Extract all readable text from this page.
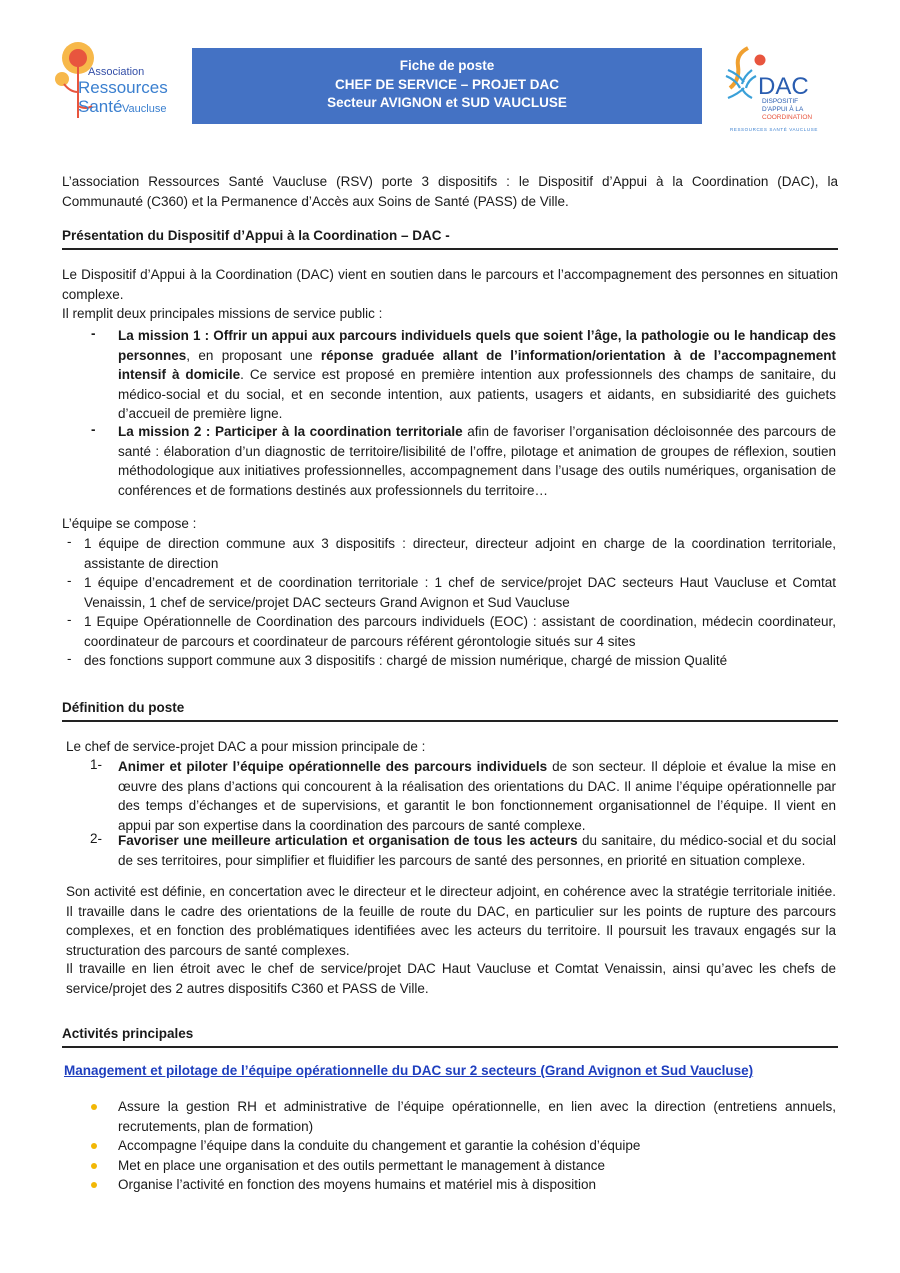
Association
Ressources
Santé Vaucluse
Fiche de poste
CHEF DE SERVICE – PROJET DAC
Secteur AVIGNON et SUD VAUCLUSE
DAC
DISPOSITIF
D'APPUI À LA
COORDINATION
RESSOURCES SANTÉ VAUCLUSE
L’association Ressources Santé Vaucluse (RSV) porte 3 dispositifs : le Dispositif d’Appui à la Coordination (DAC), la Communauté (C360) et la Permanence d’Accès aux Soins de Santé (PASS) de Ville.
Présentation du Dispositif d’Appui à la Coordination – DAC -
Le Dispositif d’Appui à la Coordination (DAC) vient en soutien dans le parcours et l’accompagnement des personnes en situation complexe.
Il remplit deux principales missions de service public :
- La mission 1 : Offrir un appui aux parcours individuels quels que soient l’âge, la pathologie ou le handicap des personnes, en proposant une réponse graduée allant de l’information/orientation à de l’accompagnement intensif à domicile. Ce service est proposé en première intention aux professionnels des champs de sanitaire, du médico-social et du social, et en seconde intention, aux patients, usagers et aidants, en subsidiarité des guichets d’accueil de première ligne.
- La mission 2 : Participer à la coordination territoriale afin de favoriser l’organisation décloisonnée des parcours de santé : élaboration d’un diagnostic de territoire/lisibilité de l’offre, pilotage et animation de groupes de réflexion, soutien méthodologique aux initiatives professionnelles, accompagnement dans l’usage des outils numériques, organisation de conférences et de formations destinés aux professionnels du territoire…
L’équipe se compose :
- 1 équipe de direction commune aux 3 dispositifs : directeur, directeur adjoint en charge de la coordination territoriale, assistante de direction
- 1 équipe d’encadrement et de coordination territoriale : 1 chef de service/projet DAC secteurs Haut Vaucluse et Comtat Venaissin, 1 chef de service/projet DAC secteurs Grand Avignon et Sud Vaucluse
- 1 Equipe Opérationnelle de Coordination des parcours individuels (EOC) : assistant de coordination, médecin coordinateur, coordinateur de parcours et coordinateur de parcours référent gérontologie situés sur 4 sites
- des fonctions support commune aux 3 dispositifs : chargé de mission numérique, chargé de mission Qualité
Définition du poste
Le chef de service-projet DAC a pour mission principale de :
1- Animer et piloter l’équipe opérationnelle des parcours individuels de son secteur. Il déploie et évalue la mise en œuvre des plans d’actions qui concourent à la réalisation des orientations du DAC. Il anime l’équipe opérationnelle par des temps d’échanges et de supervisions, et garantit le bon fonctionnement organisationnel de l’équipe. Il vient en appui par son expertise dans la coordination des parcours de santé complexe.
2- Favoriser une meilleure articulation et organisation de tous les acteurs du sanitaire, du médico-social et du social de ses territoires, pour simplifier et fluidifier les parcours de santé des personnes, en priorité en situation complexe.
Son activité est définie, en concertation avec le directeur et le directeur adjoint, en cohérence avec la stratégie territoriale initiée. Il travaille dans le cadre des orientations de la feuille de route du DAC, en particulier sur les points de rupture des parcours complexes, et en fonction des problématiques identifiées avec les acteurs du territoire. Il poursuit les travaux engagés sur la structuration des parcours de santé complexes.
Il travaille en lien étroit avec le chef de service/projet DAC Haut Vaucluse et Comtat Venaissin, ainsi qu’avec les chefs de service/projet des 2 autres dispositifs C360 et PASS de Ville.
Activités principales
Management et pilotage de l’équipe opérationnelle du DAC sur 2 secteurs (Grand Avignon et Sud Vaucluse)
Assure la gestion RH et administrative de l’équipe opérationnelle, en lien avec la direction (entretiens annuels, recrutements, plan de formation)
Accompagne l’équipe dans la conduite du changement et garantie la cohésion d’équipe
Met en place une organisation et des outils permettant le management à distance
Organise l’activité en fonction des moyens humains et matériel mis à disposition
